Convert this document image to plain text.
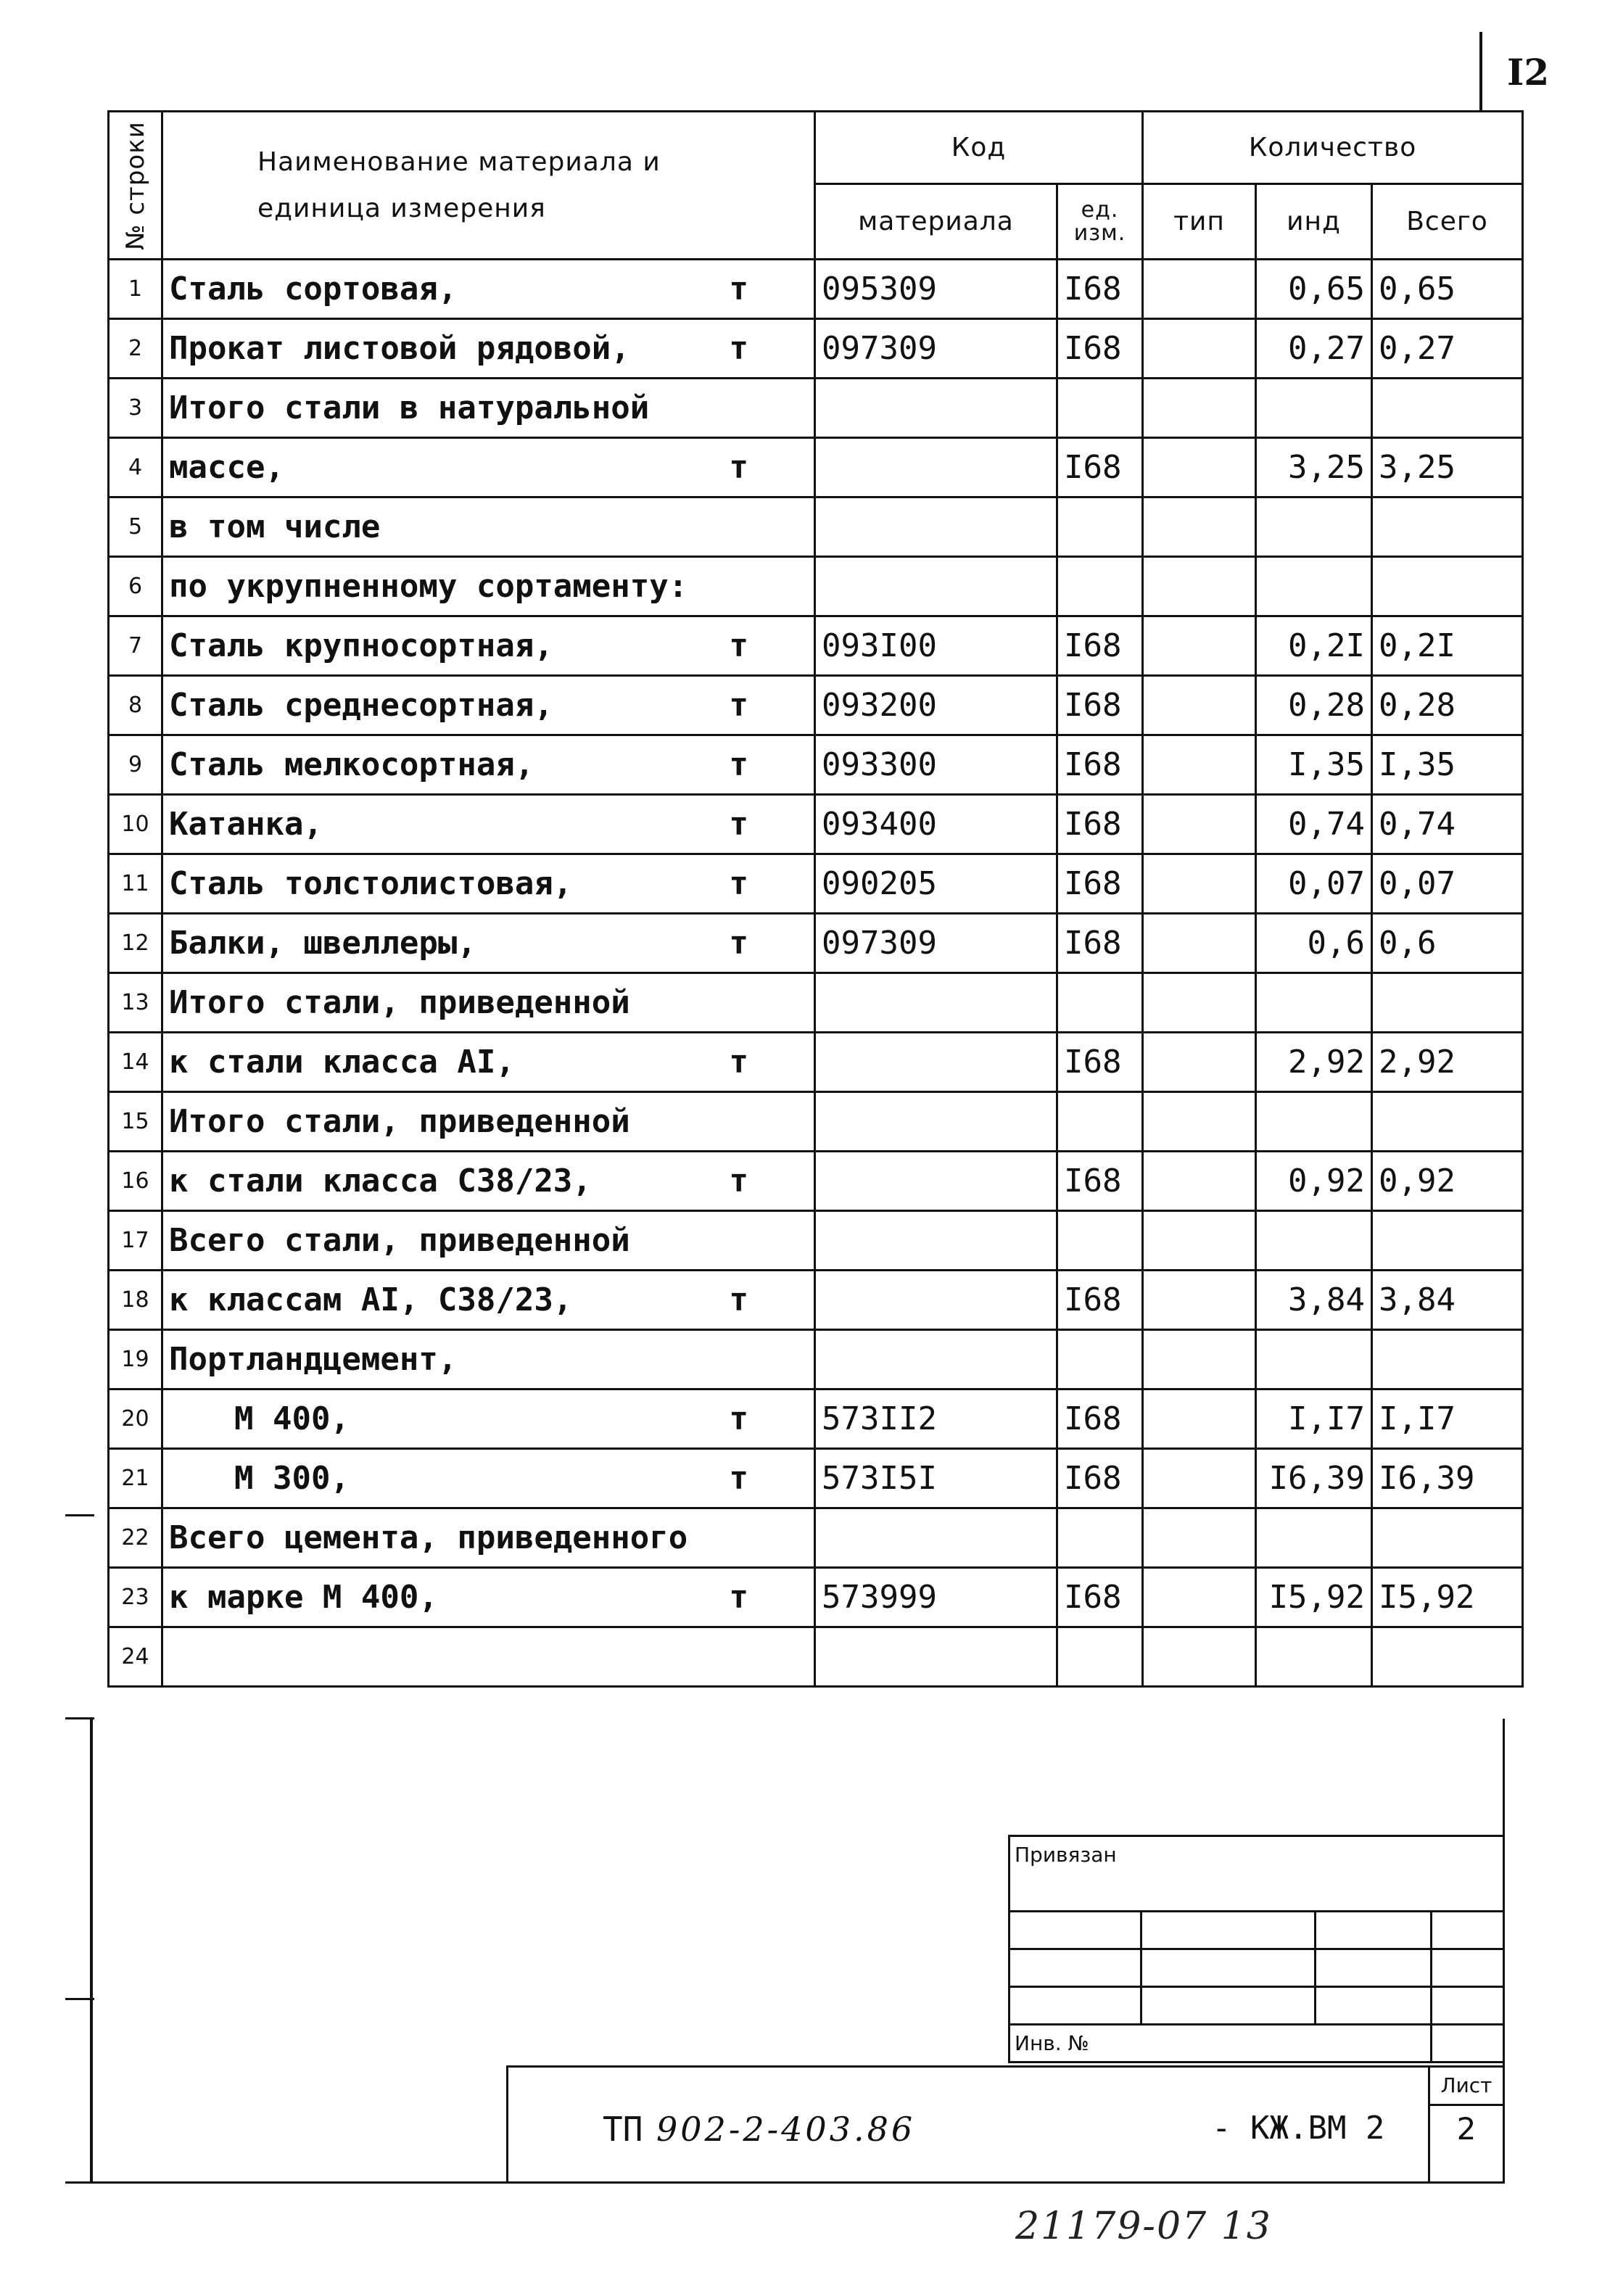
I2
№ строки	Наименование материала и единица измерения	Код		Количество		
		материала	ед. изм.	тип	инд	Всего
1	Сталь сортовая, т	095309	I68		0,65	0,65
2	Прокат листовой рядовой, т	097309	I68		0,27	0,27
3	Итого стали в натуральной

4	массе, т		I68		3,25	3,25
5	в том числе

6	по укрупненному сортаменту:

7	Сталь крупносортная, т	093I00	I68		0,2I	0,2I
8	Сталь среднесортная, т	093200	I68		0,28	0,28
9	Сталь мелкосортная, т	093300	I68		I,35	I,35
10	Катанка, т	093400	I68		0,74	0,74
11	Сталь толстолистовая, т	090205	I68		0,07	0,07
12	Балки, швеллеры, т	097309	I68		0,6	0,6
13	Итого стали, приведенной

14	к стали класса AI, т		I68		2,92	2,92
15	Итого стали, приведенной

16	к стали класса С38/23, т		I68		0,92	0,92
17	Всего стали, приведенной

18	к классам AI, С38/23, т		I68		3,84	3,84
19	Портландцемент,

20	М 400, т	573II2	I68		I,I7	I,I7
21	М 300, т	573I5I	I68		I6,39	I6,39
22	Всего цемента, приведенного

23	к марке М 400, т	573999	I68		I5,92	I5,92
24	

Привязан			

Инв. №			
ТП 902-2-403.86	- КЖ.ВМ 2
Лист
2
21179-07 13
